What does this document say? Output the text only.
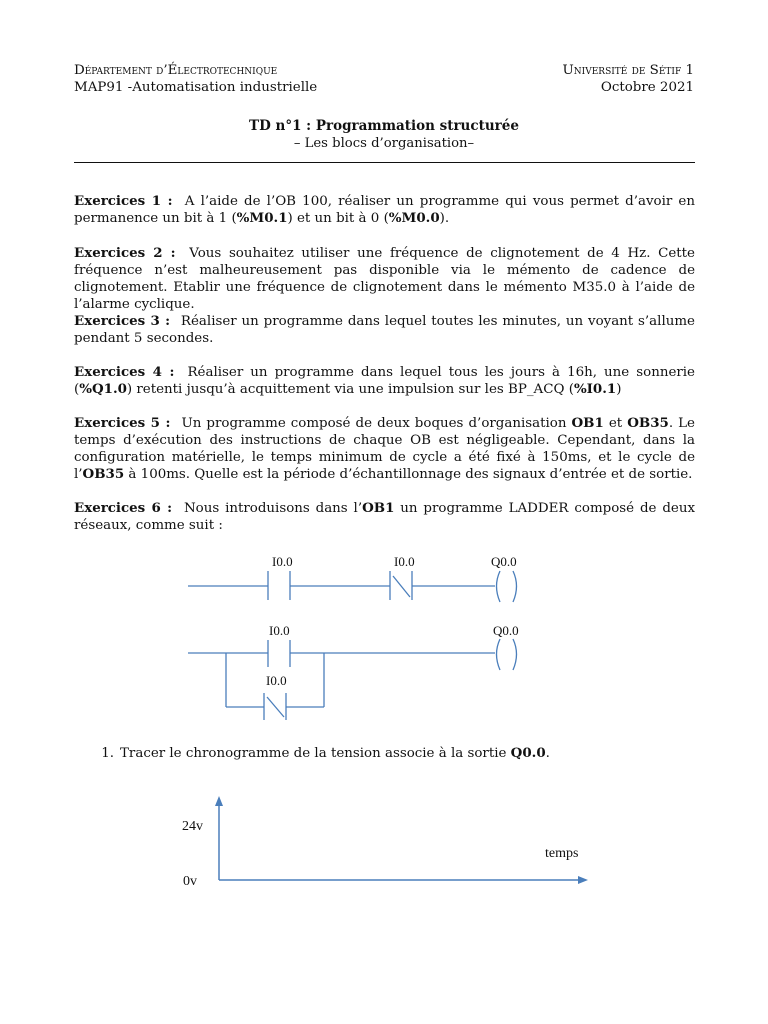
Département d’Électrotechnique
MAP91 -Automatisation industrielle
Université de Sétif 1
Octobre 2021
TD n°1 : Programmation structurée
– Les blocs d’organisation–
Exercices 1 : A l’aide de l’OB 100, réaliser un programme qui vous permet d’avoir en permanence un bit à 1 (%M0.1) et un bit à 0 (%M0.0).
Exercices 2 : Vous souhaitez utiliser une fréquence de clignotement de 4 Hz. Cette fréquence n’est malheureusement pas disponible via le mémento de cadence de clignotement. Etablir une fréquence de clignotement dans le mémento M35.0 à l’aide de l’alarme cyclique.
Exercices 3 : Réaliser un programme dans lequel toutes les minutes, un voyant s’allume pendant 5 secondes.
Exercices 4 : Réaliser un programme dans lequel tous les jours à 16h, une sonnerie (%Q1.0) retenti jusqu’à acquittement via une impulsion sur les BP_ACQ (%I0.1)
Exercices 5 : Un programme composé de deux boques d’organisation OB1 et OB35. Le temps d’exécution des instructions de chaque OB est négligeable. Cependant, dans la configuration matérielle, le temps minimum de cycle a été fixé à 150ms, et le cycle de l’OB35 à 100ms. Quelle est la période d’échantillonnage des signaux d’entrée et de sortie.
Exercices 6 : Nous introduisons dans l’OB1 un programme LADDER composé de deux réseaux, comme suit :
I0.0	I0.0	Q0.0
I0.0	Q0.0
I0.0
1. Tracer le chronogramme de la tension associe à la sortie Q0.0.
24v
0v
temps
